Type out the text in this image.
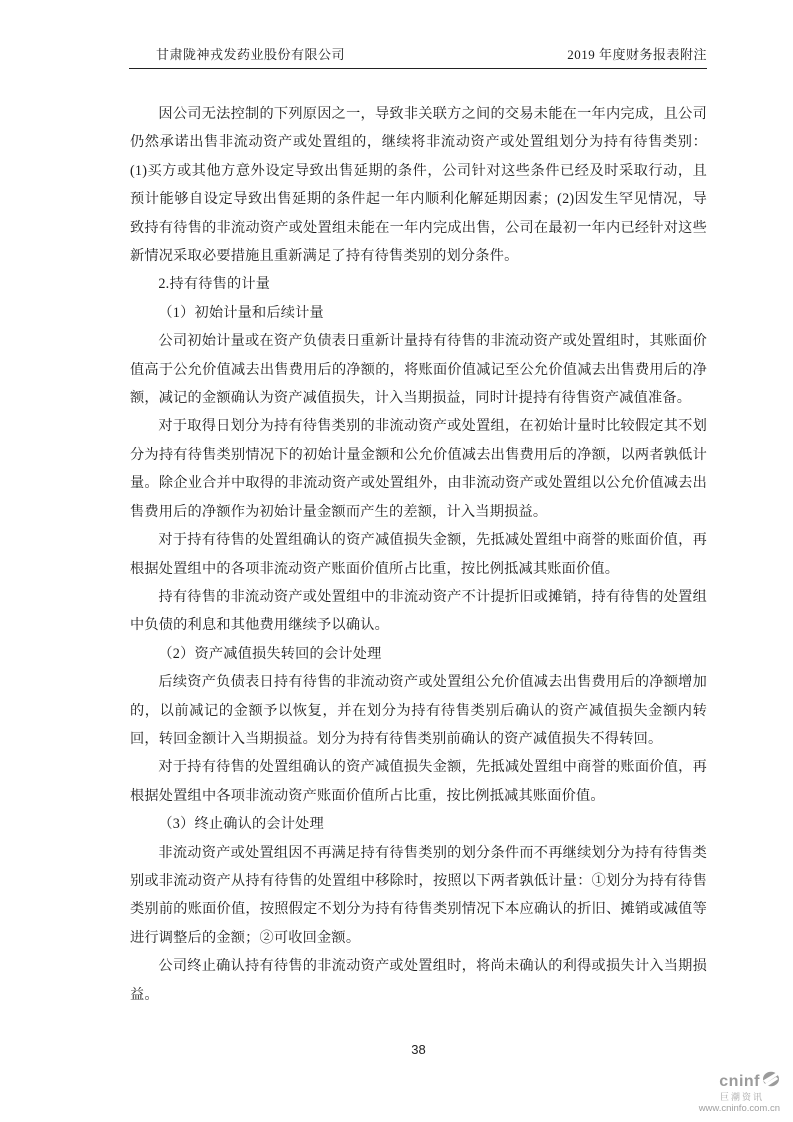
甘肃陇神戎发药业股份有限公司	2019 年度财务报表附注

因公司无法控制的下列原因之一，导致非关联方之间的交易未能在一年内完成，且公司仍然承诺出售非流动资产或处置组的，继续将非流动资产或处置组划分为持有待售类别：(1)买方或其他方意外设定导致出售延期的条件，公司针对这些条件已经及时采取行动，且预计能够自设定导致出售延期的条件起一年内顺利化解延期因素；(2)因发生罕见情况，导致持有待售的非流动资产或处置组未能在一年内完成出售，公司在最初一年内已经针对这些新情况采取必要措施且重新满足了持有待售类别的划分条件。

2.持有待售的计量

（1）初始计量和后续计量

公司初始计量或在资产负债表日重新计量持有待售的非流动资产或处置组时，其账面价值高于公允价值减去出售费用后的净额的，将账面价值减记至公允价值减去出售费用后的净额，减记的金额确认为资产减值损失，计入当期损益，同时计提持有待售资产减值准备。

对于取得日划分为持有待售类别的非流动资产或处置组，在初始计量时比较假定其不划分为持有待售类别情况下的初始计量金额和公允价值减去出售费用后的净额，以两者孰低计量。除企业合并中取得的非流动资产或处置组外，由非流动资产或处置组以公允价值减去出售费用后的净额作为初始计量金额而产生的差额，计入当期损益。

对于持有待售的处置组确认的资产减值损失金额，先抵减处置组中商誉的账面价值，再根据处置组中的各项非流动资产账面价值所占比重，按比例抵减其账面价值。

持有待售的非流动资产或处置组中的非流动资产不计提折旧或摊销，持有待售的处置组中负债的利息和其他费用继续予以确认。

（2）资产减值损失转回的会计处理

后续资产负债表日持有待售的非流动资产或处置组公允价值减去出售费用后的净额增加的，以前减记的金额予以恢复，并在划分为持有待售类别后确认的资产减值损失金额内转回，转回金额计入当期损益。划分为持有待售类别前确认的资产减值损失不得转回。

对于持有待售的处置组确认的资产减值损失金额，先抵减处置组中商誉的账面价值，再根据处置组中各项非流动资产账面价值所占比重，按比例抵减其账面价值。

（3）终止确认的会计处理

非流动资产或处置组因不再满足持有待售类别的划分条件而不再继续划分为持有待售类别或非流动资产从持有待售的处置组中移除时，按照以下两者孰低计量：①划分为持有待售类别前的账面价值，按照假定不划分为持有待售类别情况下本应确认的折旧、摊销或减值等进行调整后的金额；②可收回金额。

公司终止确认持有待售的非流动资产或处置组时，将尚未确认的利得或损失计入当期损益。

38
cninf
巨潮资讯
www.cninfo.com.cn
